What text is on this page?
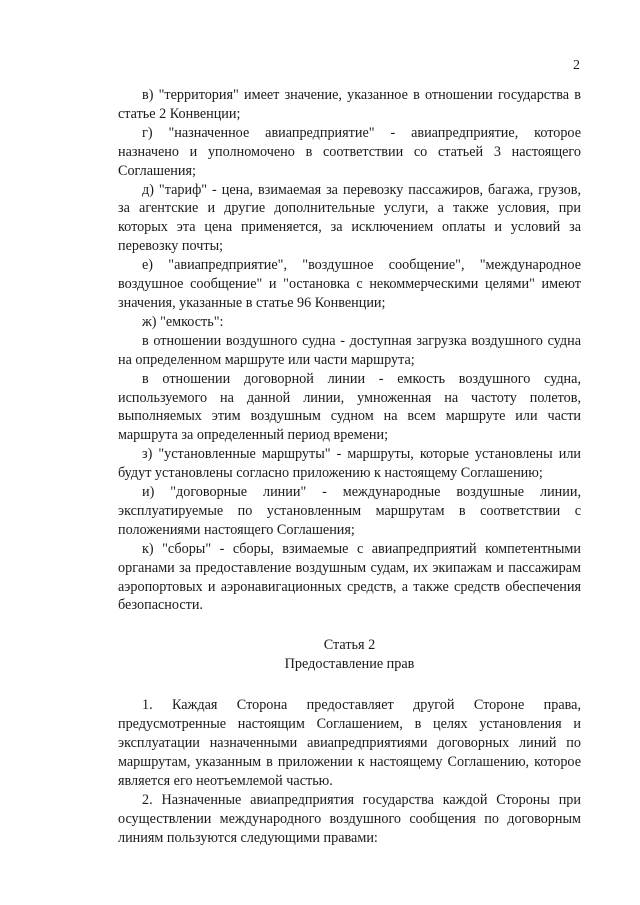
2

в) "территория" имеет значение, указанное в отношении государства в статье 2 Конвенции;

г) "назначенное авиапредприятие" - авиапредприятие, которое назначено и уполномочено в соответствии со статьей 3 настоящего Соглашения;

д) "тариф" - цена, взимаемая за перевозку пассажиров, багажа, грузов, за агентские и другие дополнительные услуги, а также условия, при которых эта цена применяется, за исключением оплаты и условий за перевозку почты;

е) "авиапредприятие", "воздушное сообщение", "международное воздушное сообщение" и "остановка с некоммерческими целями" имеют значения, указанные в статье 96 Конвенции;

ж) "емкость":

в отношении воздушного судна - доступная загрузка воздушного судна на определенном маршруте или части маршрута;

в отношении договорной линии - емкость воздушного судна, используемого на данной линии, умноженная на частоту полетов, выполняемых этим воздушным судном на всем маршруте или части маршрута за определенный период времени;

з) "установленные маршруты" - маршруты, которые установлены или будут установлены согласно приложению к настоящему Соглашению;

и) "договорные линии" - международные воздушные линии, эксплуатируемые по установленным маршрутам в соответствии с положениями настоящего Соглашения;

к) "сборы" - сборы, взимаемые с авиапредприятий компетентными органами за предоставление воздушным судам, их экипажам и пассажирам аэропортовых и аэронавигационных средств, а также средств обеспечения безопасности.

Статья 2

Предоставление прав

1. Каждая Сторона предоставляет другой Стороне права, предусмотренные настоящим Соглашением, в целях установления и эксплуатации назначенными авиапредприятиями договорных линий по маршрутам, указанным в приложении к настоящему Соглашению, которое является его неотъемлемой частью.

2. Назначенные авиапредприятия государства каждой Стороны при осуществлении международного воздушного сообщения по договорным линиям пользуются следующими правами:
